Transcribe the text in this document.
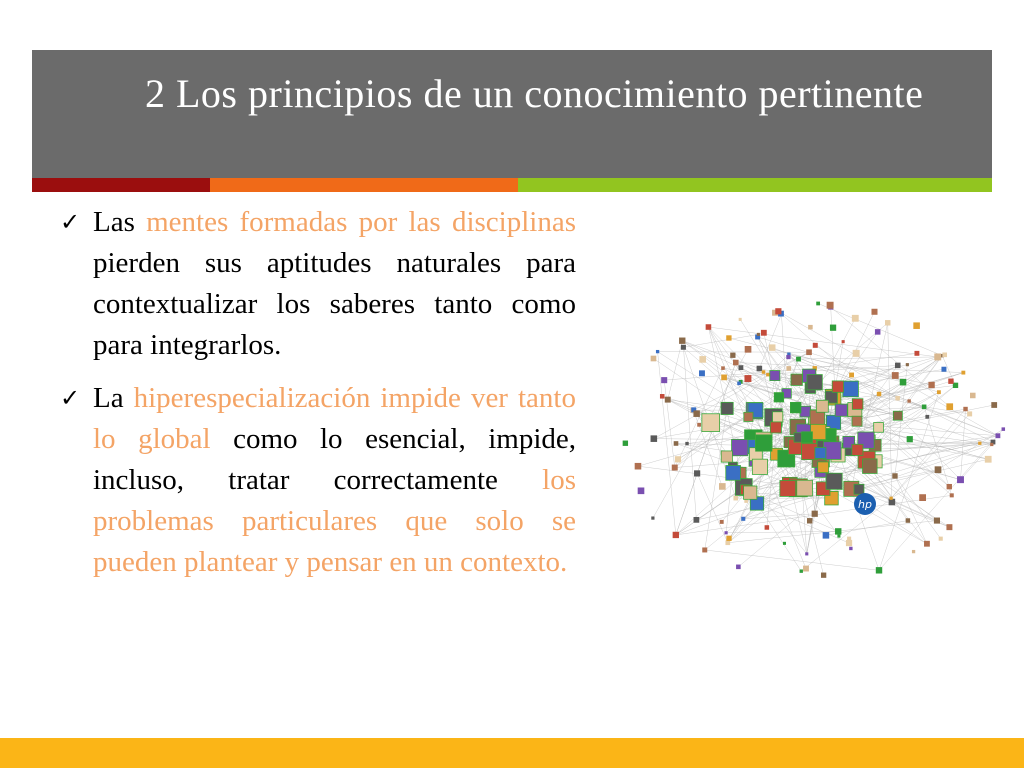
2 Los principios de un conocimiento pertinente
✓ Las mentes formadas por las disciplinas pierden sus aptitudes naturales para contextualizar los saberes tanto como para integrarlos.
✓ La hiperespecialización impide ver tanto lo global como lo esencial, impide, incluso, tratar correctamente los problemas particulares que solo se pueden plantear y pensar en un contexto.
hp
